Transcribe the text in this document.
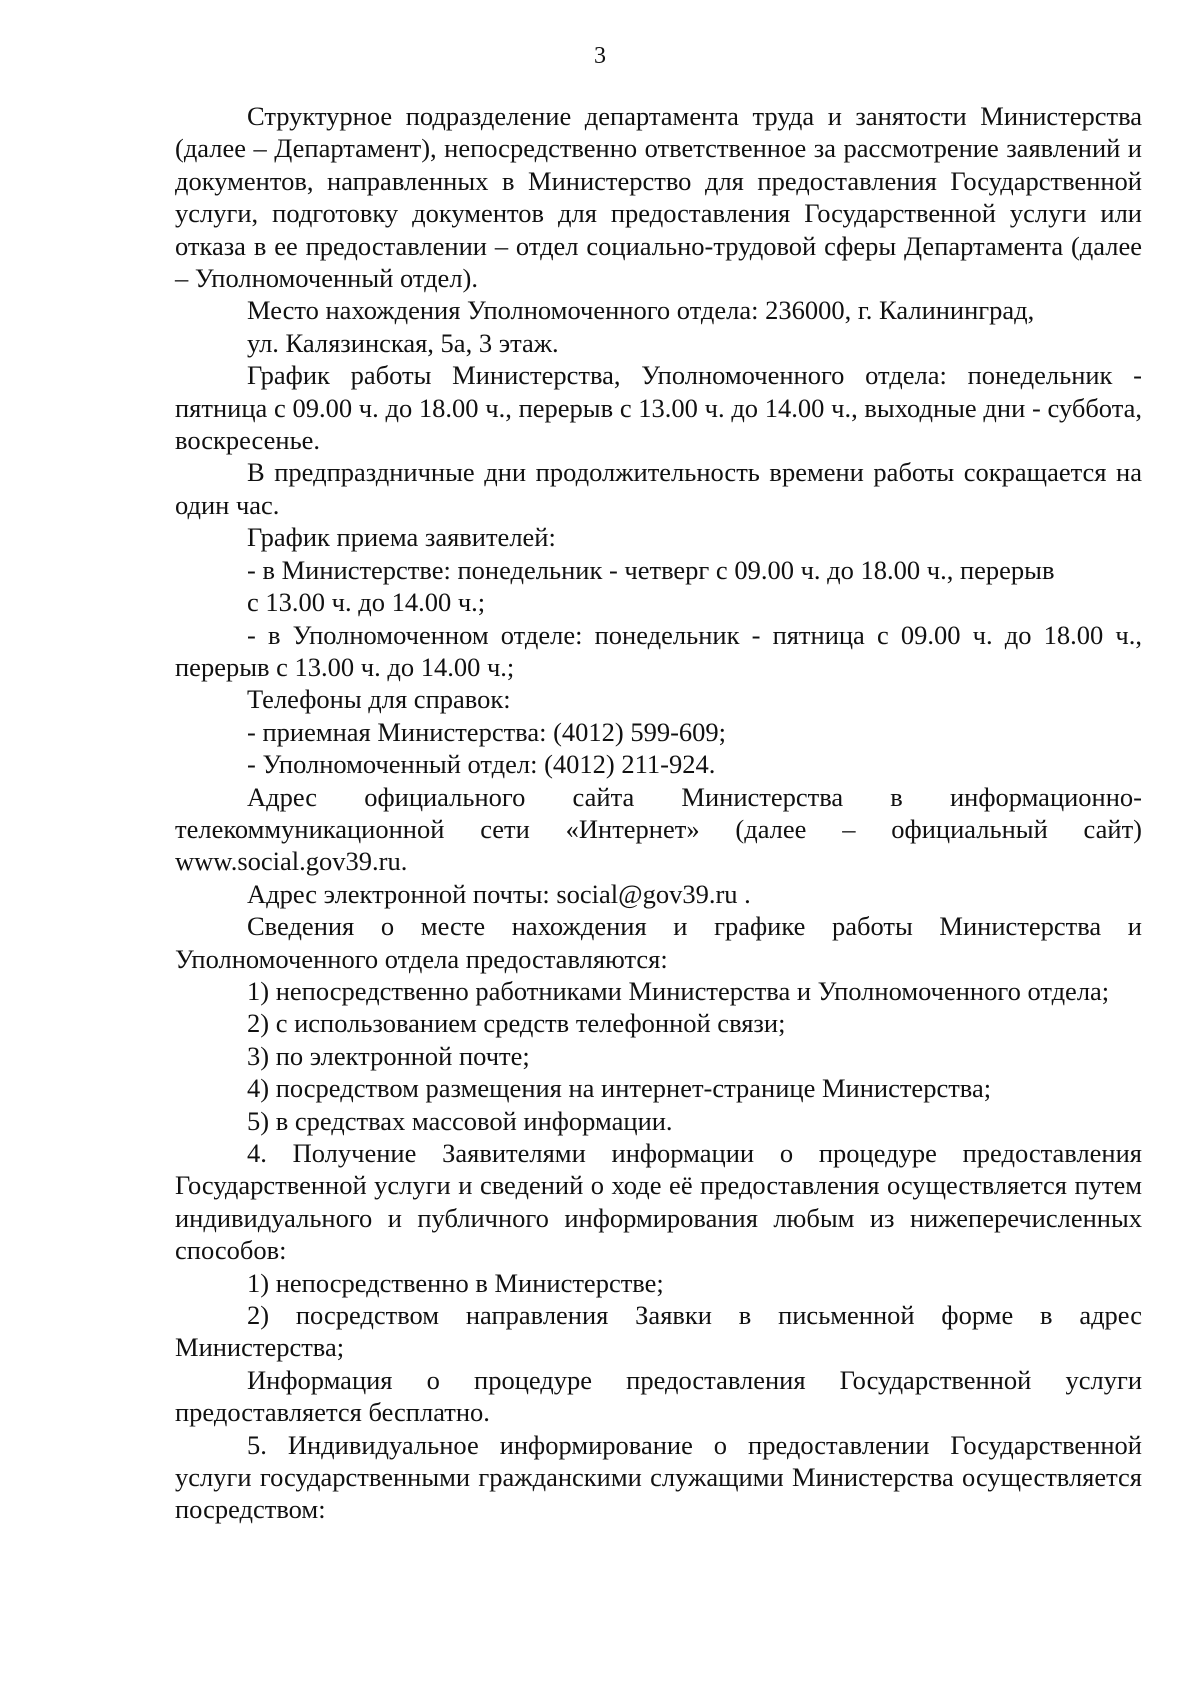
3

Структурное подразделение департамента труда и занятости Министерства (далее – Департамент), непосредственно ответственное за рассмотрение заявлений и документов, направленных в Министерство для предоставления Государственной услуги, подготовку документов для предоставления Государственной услуги или отказа в ее предоставлении – отдел социально-трудовой сферы Департамента (далее – Уполномоченный отдел).

Место нахождения Уполномоченного отдела: 236000, г. Калининград,

ул. Калязинская, 5а, 3 этаж.

График работы Министерства, Уполномоченного отдела: понедельник - пятница с 09.00 ч. до 18.00 ч., перерыв с 13.00 ч. до 14.00 ч., выходные дни - суббота, воскресенье.

В предпраздничные дни продолжительность времени работы сокращается на один час.

График приема заявителей:

- в Министерстве: понедельник - четверг с 09.00 ч. до 18.00 ч., перерыв

с 13.00 ч. до 14.00 ч.;

- в Уполномоченном отделе: понедельник - пятница с 09.00 ч. до 18.00 ч., перерыв с 13.00 ч. до 14.00 ч.;

Телефоны для справок:

- приемная Министерства: (4012) 599-609;

- Уполномоченный отдел: (4012) 211-924.

Адрес официального сайта Министерства в информационно-телекоммуникационной сети «Интернет» (далее – официальный сайт) www.social.gov39.ru.

Адрес электронной почты: social@gov39.ru .

Сведения о месте нахождения и графике работы Министерства и Уполномоченного отдела предоставляются:

1) непосредственно работниками Министерства и Уполномоченного отдела;

2) с использованием средств телефонной связи;

3) по электронной почте;

4) посредством размещения на интернет-странице Министерства;

5) в средствах массовой информации.

4. Получение Заявителями информации о процедуре предоставления Государственной услуги и сведений о ходе её предоставления осуществляется путем индивидуального и публичного информирования любым из нижеперечисленных способов:

1) непосредственно в Министерстве;

2) посредством направления Заявки в письменной форме в адрес Министерства;

Информация о процедуре предоставления Государственной услуги предоставляется бесплатно.

5. Индивидуальное информирование о предоставлении Государственной услуги государственными гражданскими служащими Министерства осуществляется посредством:
